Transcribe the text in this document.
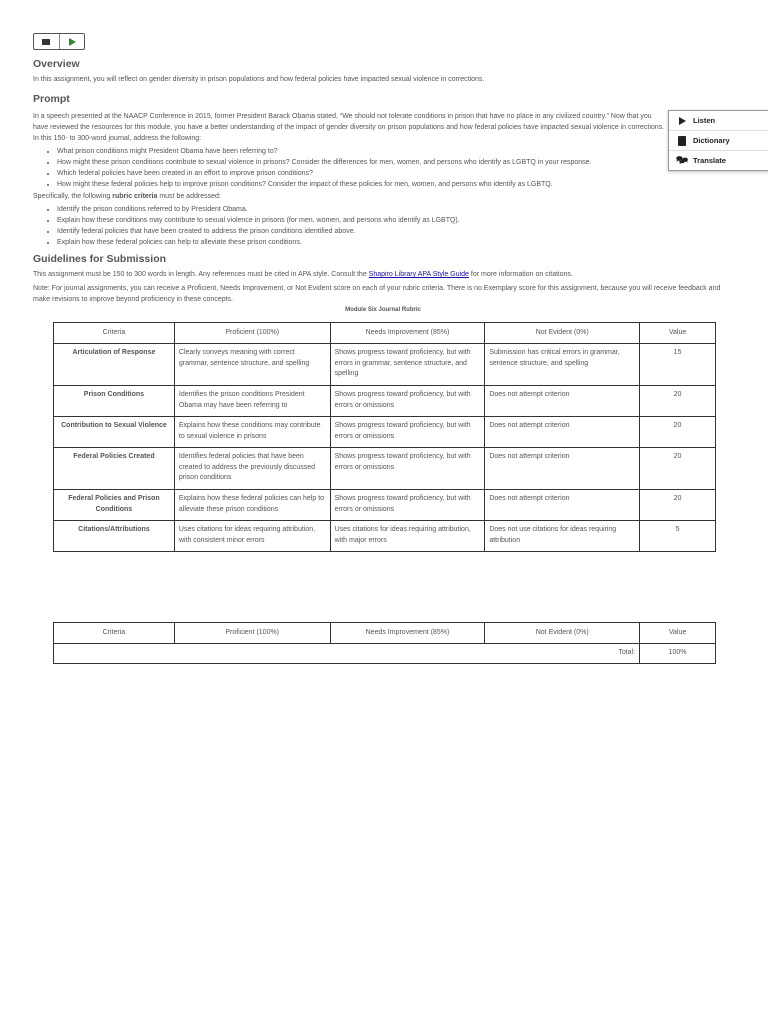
Overview

In this assignment, you will reflect on gender diversity in prison populations and how federal policies have impacted sexual violence in corrections.

Prompt

In a speech presented at the NAACP Conference in 2015, former President Barack Obama stated, “We should not tolerate conditions in prison that have no place in any civilized country.” Now that you have reviewed the resources for this module, you have a better understanding of the impact of gender diversity on prison populations and how federal policies have impacted sexual violence in corrections. In this 150- to 300-word journal, address the following:

• What prison conditions might President Obama have been referring to?
• How might these prison conditions contribute to sexual violence in prisons? Consider the differences for men, women, and persons who identify as LGBTQ in your response.
• Which federal policies have been created in an effort to improve prison conditions?
• How might these federal policies help to improve prison conditions? Consider the impact of these policies for men, women, and persons who identify as LGBTQ.

Specifically, the following rubric criteria must be addressed:

• Identify the prison conditions referred to by President Obama.
• Explain how these conditions may contribute to sexual violence in prisons (for men, women, and persons who identify as LGBTQ).
• Identify federal policies that have been created to address the prison conditions identified above.
• Explain how these federal policies can help to alleviate these prison conditions.
Guidelines for Submission

This assignment must be 150 to 300 words in length. Any references must be cited in APA style. Consult the Shapiro Library APA Style Guide for more information on citations.

Note: For journal assignments, you can receive a Proficient, Needs Improvement, or Not Evident score on each of your rubric criteria. There is no Exemplary score for this assignment, because you will receive feedback and make revisions to improve beyond proficiency in these concepts.

Module Six Journal Rubric
Criteria	Proficient (100%)	Needs Improvement (85%)	Not Evident (0%)	Value
Articulation of Response	Clearly conveys meaning with correct grammar, sentence structure, and spelling	Shows progress toward proficiency, but with errors in grammar, sentence structure, and spelling	Submission has critical errors in grammar, sentence structure, and spelling	15
Prison Conditions	Identifies the prison conditions President Obama may have been referring to	Shows progress toward proficiency, but with errors or omissions	Does not attempt criterion	20
Contribution to Sexual Violence	Explains how these conditions may contribute to sexual violence in prisons	Shows progress toward proficiency, but with errors or omissions	Does not attempt criterion	20
Federal Policies Created	Identifies federal policies that have been created to address the previously discussed prison conditions	Shows progress toward proficiency, but with errors or omissions	Does not attempt criterion	20
Federal Policies and Prison Conditions	Explains how these federal policies can help to alleviate these prison conditions	Shows progress toward proficiency, but with errors or omissions	Does not attempt criterion	20
Citations/Attributions	Uses citations for ideas requiring attribution, with consistent minor errors	Uses citations for ideas requiring attribution, with major errors	Does not use citations for ideas requiring attribution	5
Criteria	Proficient (100%)	Needs Improvement (85%)	Not Evident (0%)	Value
Total:				100%
Listen
Dictionary
🗫 Translate
